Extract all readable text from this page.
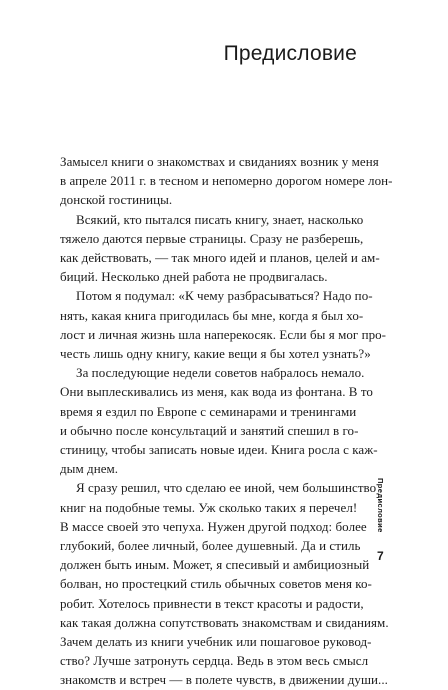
Предисловие

Замысел книги о знакомствах и свиданиях возник у меня
в апреле 2011 г. в тесном и непомерно дорогом номере лон-
донской гостиницы.

Всякий, кто пытался писать книгу, знает, насколько
тяжело даются первые страницы. Сразу не разберешь,
как действовать, — так много идей и планов, целей и ам-
биций. Несколько дней работа не продвигалась.

Потом я подумал: «К чему разбрасываться? Надо по-
нять, какая книга пригодилась бы мне, когда я был хо-
лост и личная жизнь шла наперекосяк. Если бы я мог про-
честь лишь одну книгу, какие вещи я бы хотел узнать?»

За последующие недели советов набралось немало.
Они выплескивались из меня, как вода из фонтана. В то
время я ездил по Европе с семинарами и тренингами
и обычно после консультаций и занятий спешил в го-
стиницу, чтобы записать новые идеи. Книга росла с каж-
дым днем.

Я сразу решил, что сделаю ее иной, чем большинство
книг на подобные темы. Уж сколько таких я перечел!
В массе своей это чепуха. Нужен другой подход: более
глубокий, более личный, более душевный. Да и стиль
должен быть иным. Может, я спесивый и амбициозный
болван, но простецкий стиль обычных советов меня ко-
робит. Хотелось привнести в текст красоты и радости,
как такая должна сопутствовать знакомствам и свиданиям.
Зачем делать из книги учебник или пошаговое руковод-
ство? Лучше затронуть сердца. Ведь в этом весь смысл
знакомств и встреч — в полете чувств, в движении души...

Предисловие
7
